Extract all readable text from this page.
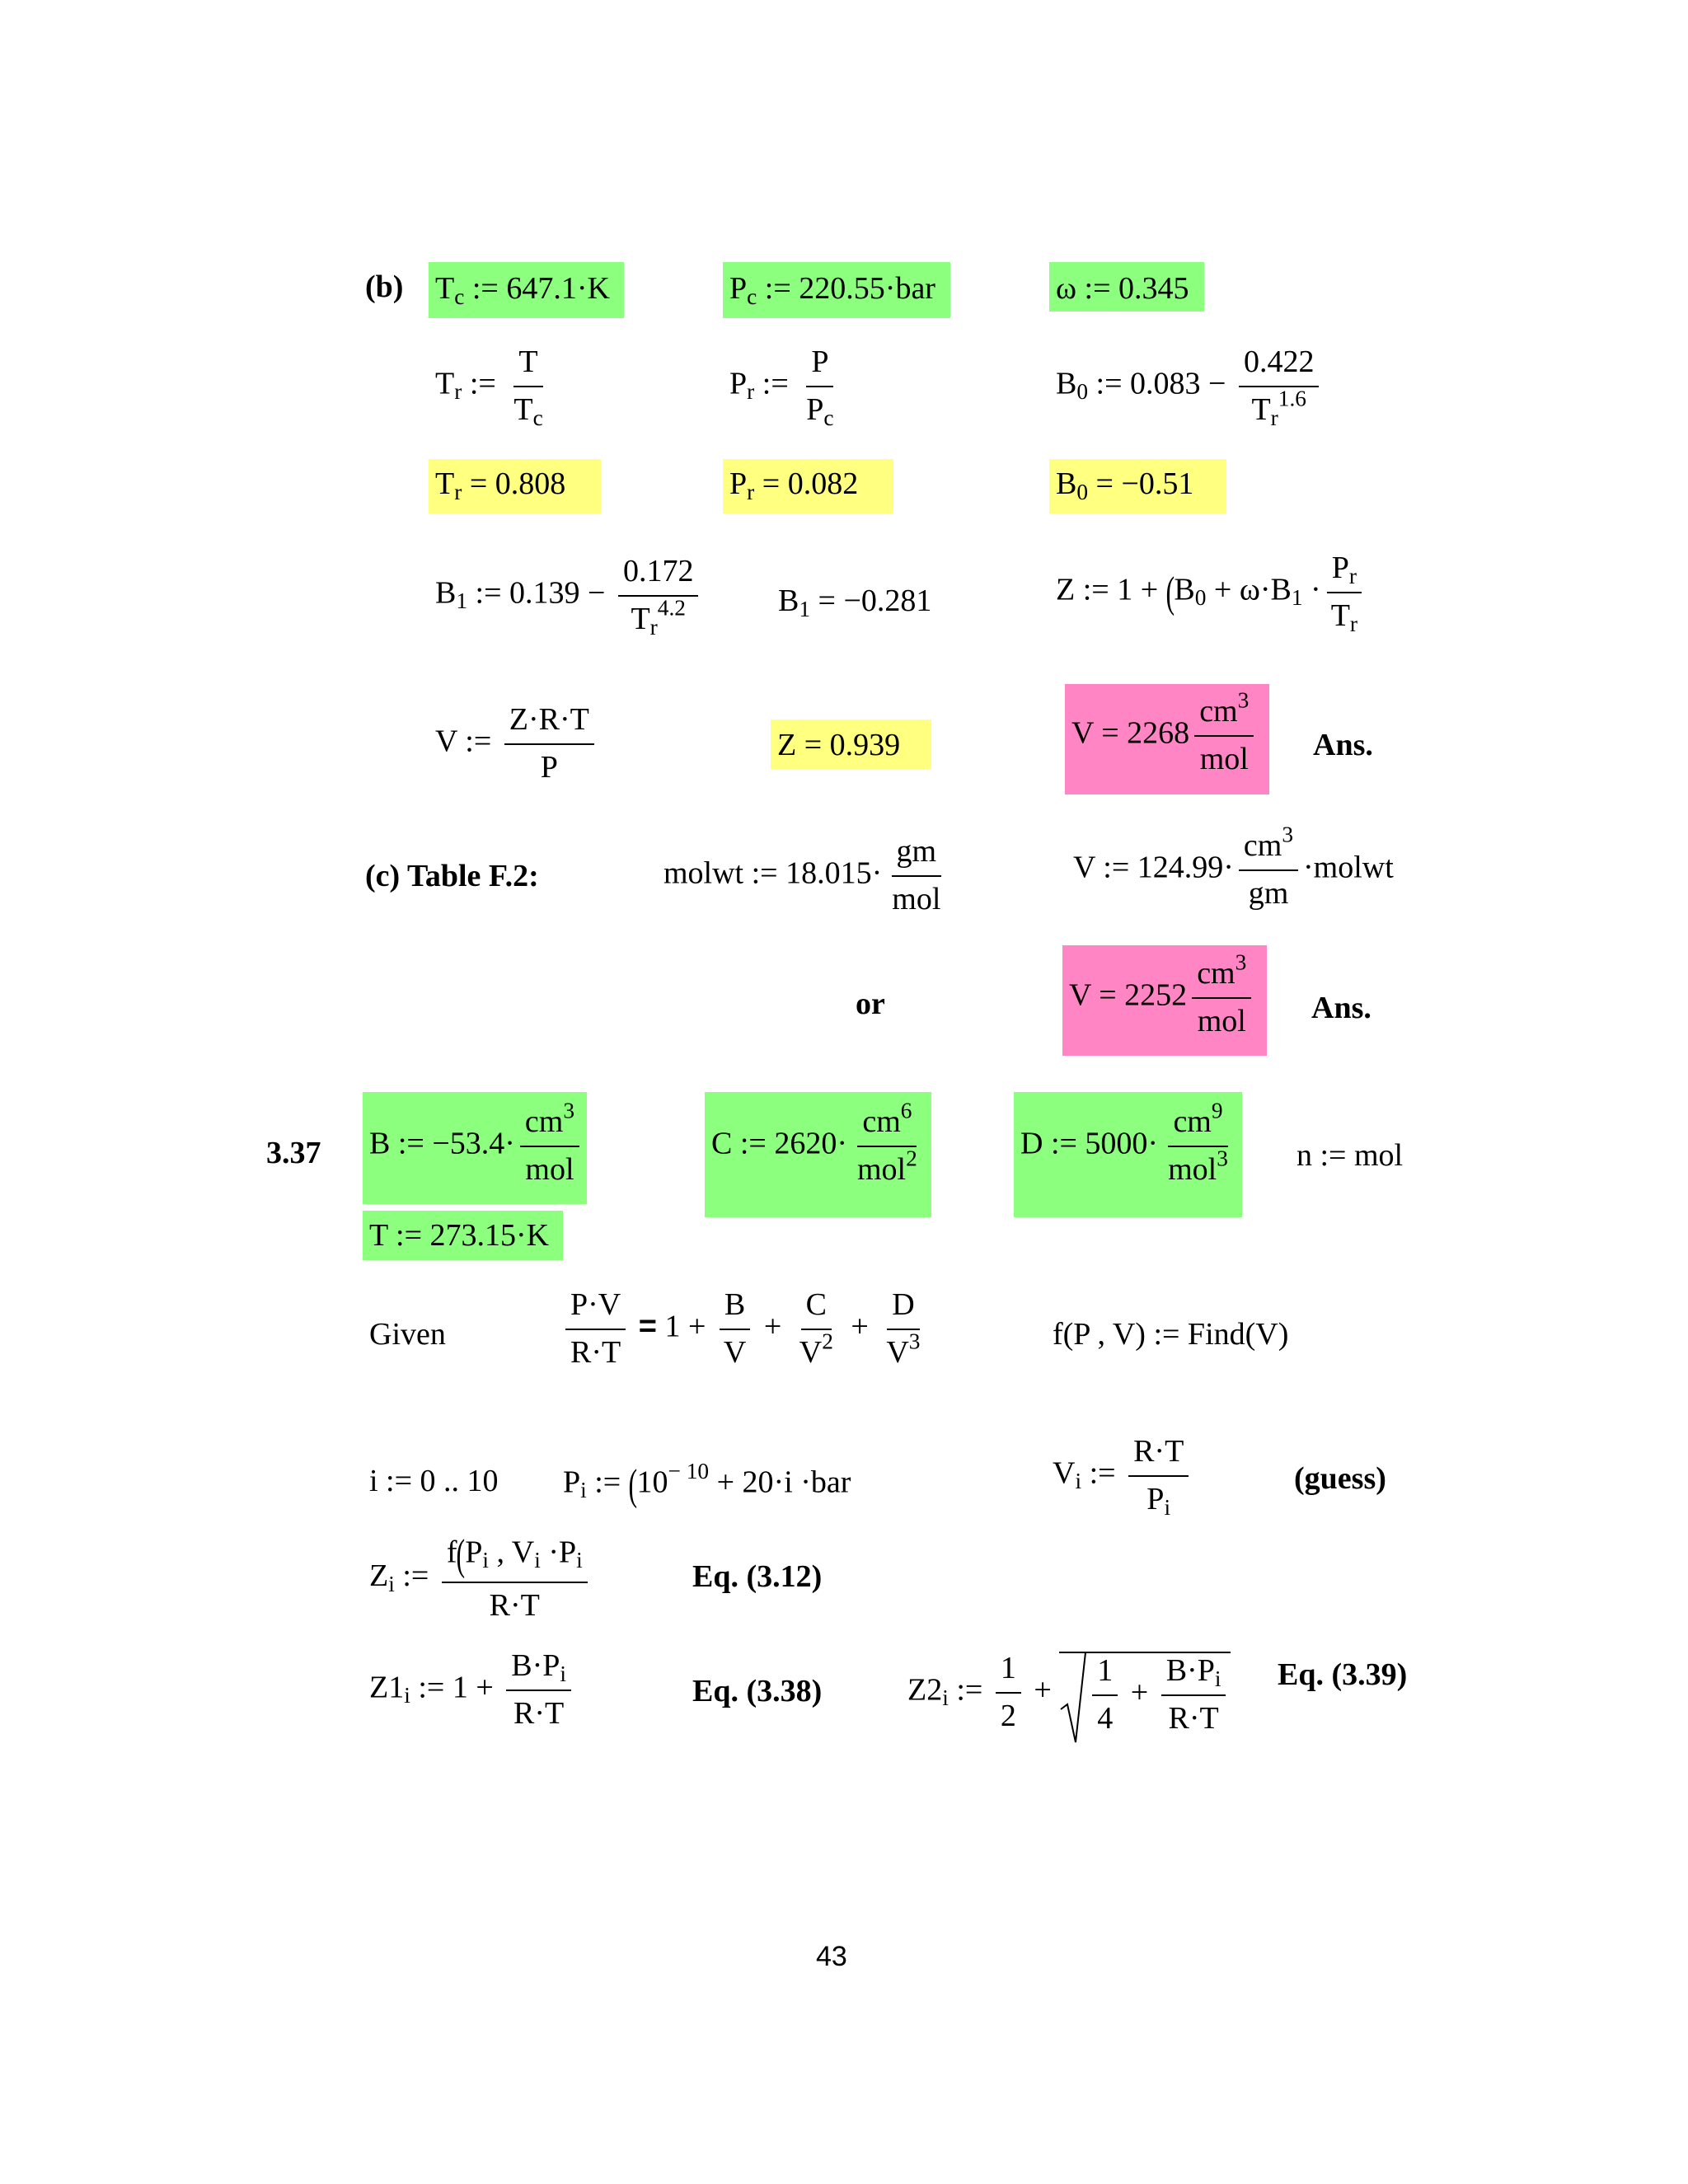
(b) $T_c$ := 647.1·K	$P_c$ := 220.55·bar	ω := 0.345
$T_r$ := $\frac{T}{T_c}$	$P_r$ := $\frac{P}{P_c}$	$B_0$ := $0.083 - \frac{0.422}{T_r^{1.6}}$
$T_r = 0.808$	$P_r = 0.082$	$B_0 = -0.51$
$B_1$ := $0.139 - \frac{0.172}{T_r^{4.2}}$	$B_1 = -0.281$	Z := $1 + (B_0 + \omega\cdot B_1 \cdot \frac{P_r}{T_r}$
V := $\frac{Z\cdot R\cdot T}{P}$	Z = 0.939	$V = 2268 \frac{cm^3}{\text{mol}}$ Ans.
(c) Table F.2:	molwt := $18.015\cdot \frac{gm}{\text{mol}}$	V := $124.99\cdot \frac{cm^3}{gm}$ ·molwt
or	$V = 2252 \frac{cm^3}{\text{mol}}$ Ans.
3.37 B := $-53.4\cdot \frac{cm^3}{\text{mol}}$	C := $2620\cdot \frac{cm^6}{mol^2}$	D := $5000\cdot \frac{cm^9}{mol^3}$ n := mol
T := 273.15·K
Given	$\frac{P\cdot V}{R\cdot T} = 1 + \frac{B}{V} + \frac{C}{V^2} + \frac{D}{V^3}$	f(P , V) := Find(V)
i := 0 .. 10 $P_i$ := ($10^{- 10} + 20\cdot i \cdot bar$	$V_i$ := $\frac{R\cdot T}{P_i}$	(guess)
$Z_i$ := $\frac{f(P_i , V_i \cdot P_i}{R\cdot T}$	Eq. (3.12)
$Z1_i$ := $1 + \frac{B\cdot P_i}{R\cdot T}$	Eq. (3.38)	$Z2_i$ := $\frac{1}{2} + \frac{1}{4} + \frac{B\cdot P_i}{R\cdot T} Eq$. (3.39)
43
